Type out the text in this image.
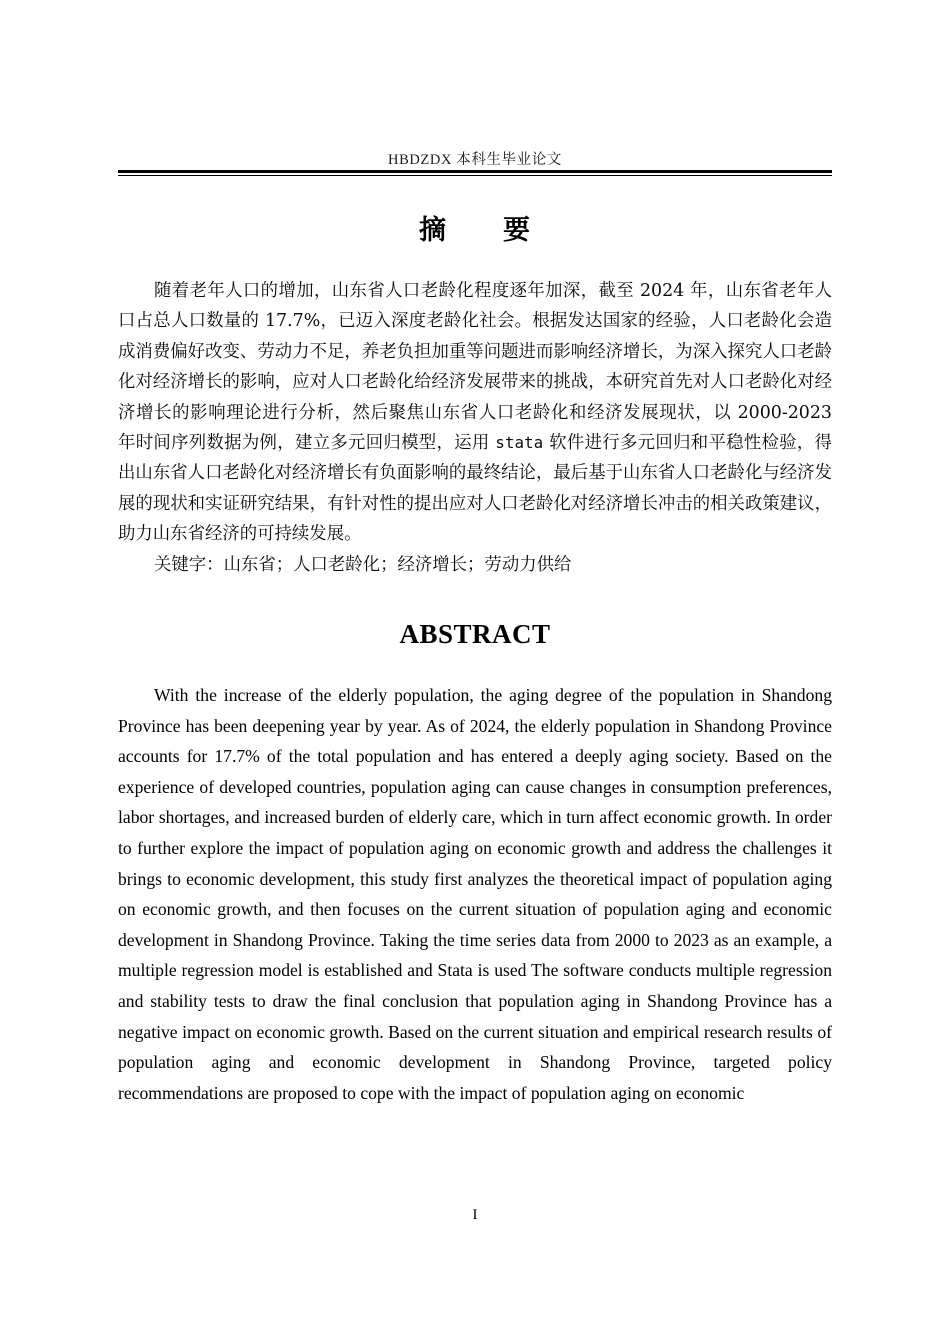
HBDZDX 本科生毕业论文
摘　　要

随着老年人口的增加，山东省人口老龄化程度逐年加深，截至 2024 年，山东省老年人口占总人口数量的 17.7%，已迈入深度老龄化社会。根据发达国家的经验，人口老龄化会造成消费偏好改变、劳动力不足，养老负担加重等问题进而影响经济增长，为深入探究人口老龄化对经济增长的影响，应对人口老龄化给经济发展带来的挑战，本研究首先对人口老龄化对经济增长的影响理论进行分析，然后聚焦山东省人口老龄化和经济发展现状，以 2000-2023 年时间序列数据为例，建立多元回归模型，运用 stata 软件进行多元回归和平稳性检验，得出山东省人口老龄化对经济增长有负面影响的最终结论，最后基于山东省人口老龄化与经济发展的现状和实证研究结果，有针对性的提出应对人口老龄化对经济增长冲击的相关政策建议，助力山东省经济的可持续发展。

关键字：山东省；人口老龄化；经济增长；劳动力供给

ABSTRACT

With the increase of the elderly population, the aging degree of the population in Shandong Province has been deepening year by year. As of 2024, the elderly population in Shandong Province accounts for 17.7% of the total population and has entered a deeply aging society. Based on the experience of developed countries, population aging can cause changes in consumption preferences, labor shortages, and increased burden of elderly care, which in turn affect economic growth. In order to further explore the impact of population aging on economic growth and address the challenges it brings to economic development, this study first analyzes the theoretical impact of population aging on economic growth, and then focuses on the current situation of population aging and economic development in Shandong Province. Taking the time series data from 2000 to 2023 as an example, a multiple regression model is established and Stata is used The software conducts multiple regression and stability tests to draw the final conclusion that population aging in Shandong Province has a negative impact on economic growth. Based on the current situation and empirical research results of population aging and economic development in Shandong Province, targeted policy recommendations are proposed to cope with the impact of population aging on economic

I
